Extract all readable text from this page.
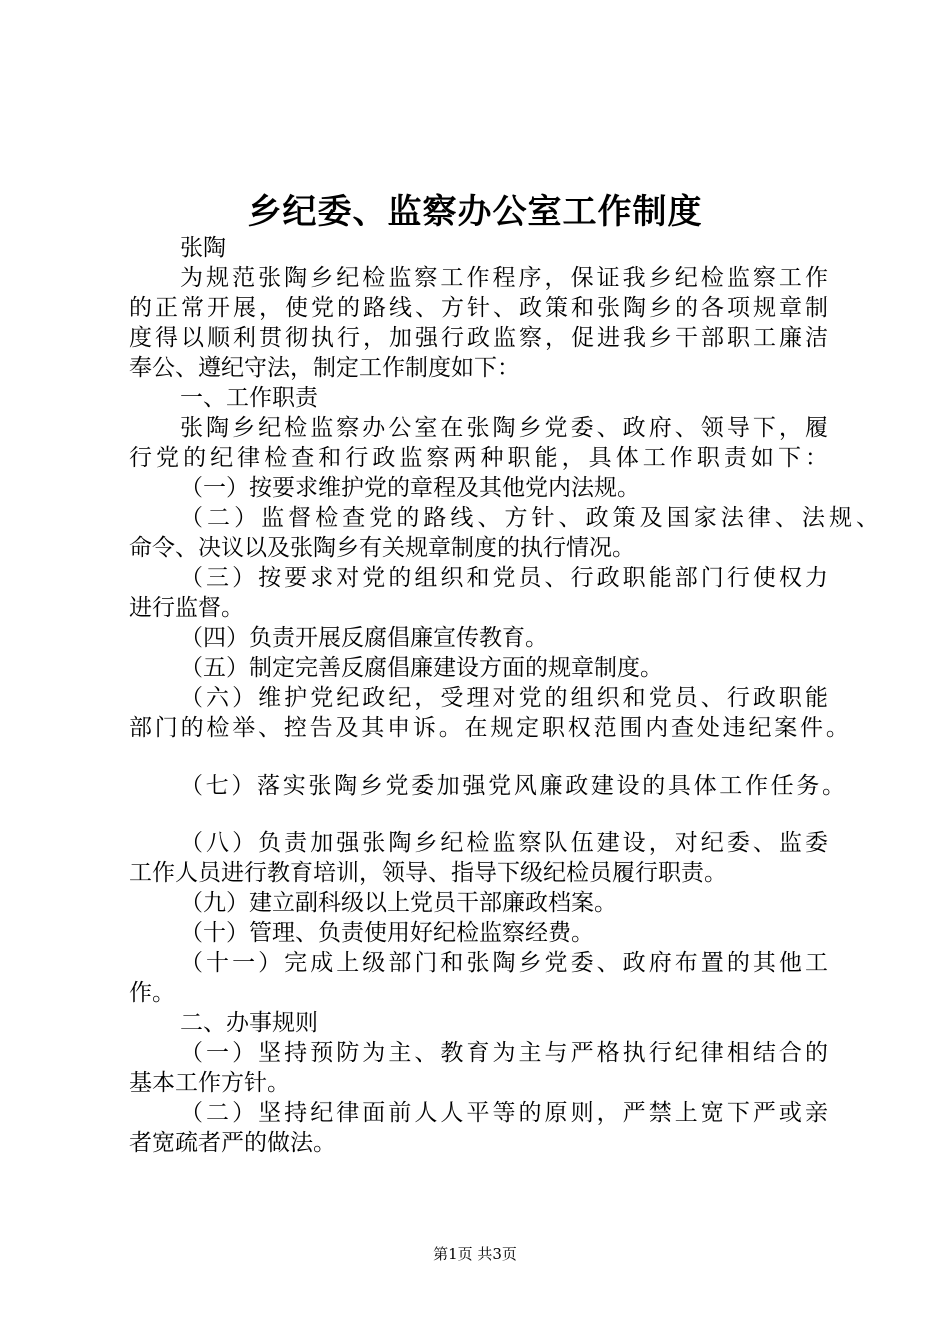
乡纪委、监察办公室工作制度

张陶

为规范张陶乡纪检监察工作程序，保证我乡纪检监察工作

的正常开展，使党的路线、方针、政策和张陶乡的各项规章制

度得以顺利贯彻执行，加强行政监察，促进我乡干部职工廉洁

奉公、遵纪守法，制定工作制度如下：

一、工作职责

张陶乡纪检监察办公室在张陶乡党委、政府、领导下，履

行党的纪律检查和行政监察两种职能，具体工作职责如下：

（一）按要求维护党的章程及其他党内法规。

（二）监督检查党的路线、方针、政策及国家法律、法规、

命令、决议以及张陶乡有关规章制度的执行情况。

（三）按要求对党的组织和党员、行政职能部门行使权力

进行监督。

（四）负责开展反腐倡廉宣传教育。

（五）制定完善反腐倡廉建设方面的规章制度。

（六）维护党纪政纪，受理对党的组织和党员、行政职能

部门的检举、控告及其申诉。在规定职权范围内查处违纪案件。

（七）落实张陶乡党委加强党风廉政建设的具体工作任务。

（八）负责加强张陶乡纪检监察队伍建设，对纪委、监委

工作人员进行教育培训，领导、指导下级纪检员履行职责。

（九）建立副科级以上党员干部廉政档案。

（十）管理、负责使用好纪检监察经费。

（十一）完成上级部门和张陶乡党委、政府布置的其他工

作。

二、办事规则

（一）坚持预防为主、教育为主与严格执行纪律相结合的

基本工作方针。

（二）坚持纪律面前人人平等的原则，严禁上宽下严或亲

者宽疏者严的做法。

第1页 共3页
